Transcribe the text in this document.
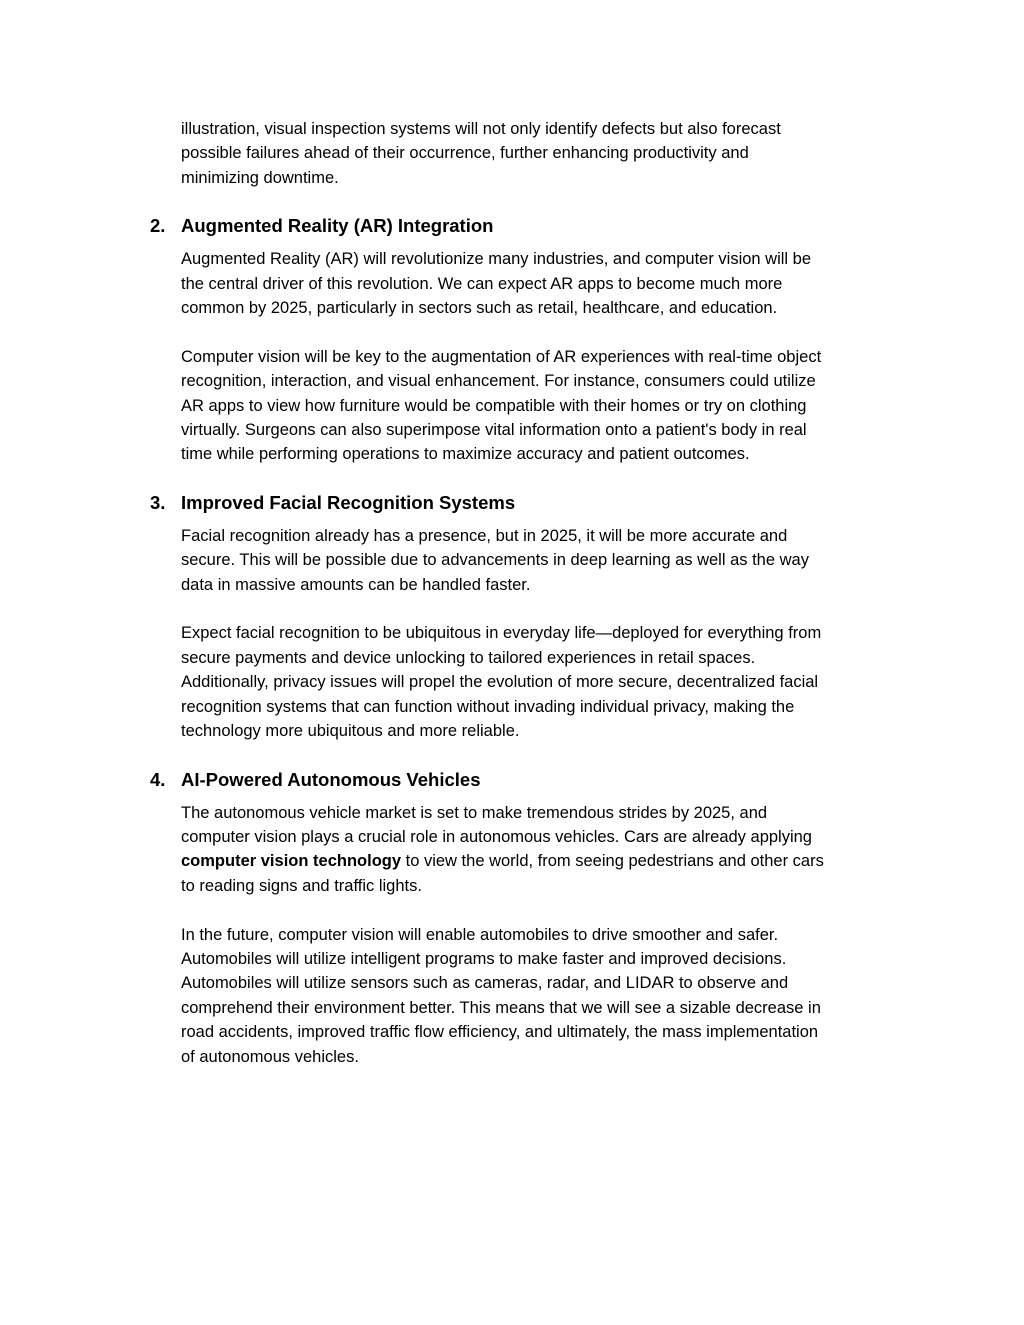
illustration, visual inspection systems will not only identify defects but also forecast
possible failures ahead of their occurrence, further enhancing productivity and
minimizing downtime.

2. Augmented Reality (AR) Integration

Augmented Reality (AR) will revolutionize many industries, and computer vision will be
the central driver of this revolution. We can expect AR apps to become much more
common by 2025, particularly in sectors such as retail, healthcare, and education.

Computer vision will be key to the augmentation of AR experiences with real-time object
recognition, interaction, and visual enhancement. For instance, consumers could utilize
AR apps to view how furniture would be compatible with their homes or try on clothing
virtually. Surgeons can also superimpose vital information onto a patient's body in real
time while performing operations to maximize accuracy and patient outcomes.

3. Improved Facial Recognition Systems

Facial recognition already has a presence, but in 2025, it will be more accurate and
secure. This will be possible due to advancements in deep learning as well as the way
data in massive amounts can be handled faster.

Expect facial recognition to be ubiquitous in everyday life—deployed for everything from
secure payments and device unlocking to tailored experiences in retail spaces.
Additionally, privacy issues will propel the evolution of more secure, decentralized facial
recognition systems that can function without invading individual privacy, making the
technology more ubiquitous and more reliable.

4. AI-Powered Autonomous Vehicles

The autonomous vehicle market is set to make tremendous strides by 2025, and
computer vision plays a crucial role in autonomous vehicles. Cars are already applying
computer vision technology to view the world, from seeing pedestrians and other cars
to reading signs and traffic lights.

In the future, computer vision will enable automobiles to drive smoother and safer.
Automobiles will utilize intelligent programs to make faster and improved decisions.
Automobiles will utilize sensors such as cameras, radar, and LIDAR to observe and
comprehend their environment better. This means that we will see a sizable decrease in
road accidents, improved traffic flow efficiency, and ultimately, the mass implementation
of autonomous vehicles.
